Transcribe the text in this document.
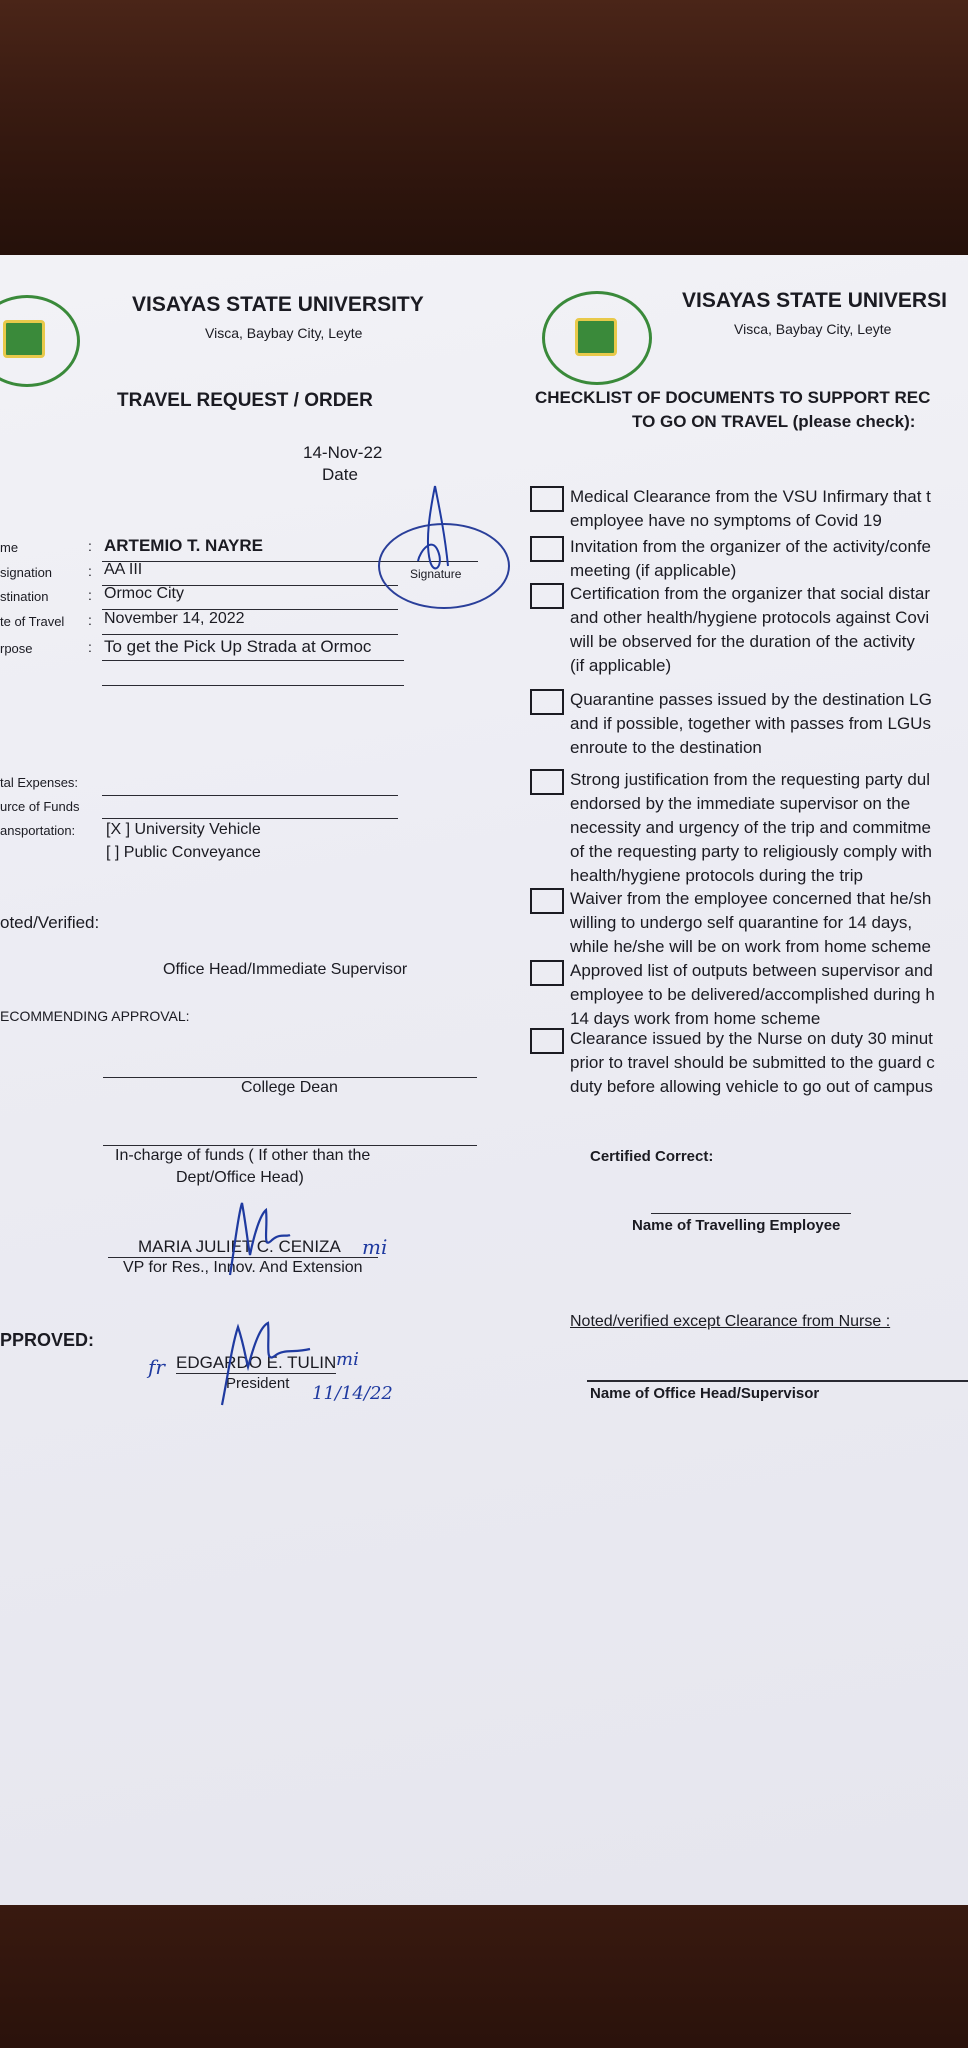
VISAYAS STATE UNIVERSITY
Visca, Baybay City, Leyte
TRAVEL REQUEST / ORDER
14-Nov-22
Date
me	: ARTEMIO T. NAYRE
signation	: AA III
stination	: Ormoc City
te of Travel : November 14, 2022
rpose	: To get the Pick Up Strada at Ormoc
Signature
tal Expenses:
urce of Funds
ansportation: [X ] University Vehicle
[ ] Public Conveyance
oted/Verified:
Office Head/Immediate Supervisor
ECOMMENDING APPROVAL:
College Dean
In-charge of funds ( If other than the
Dept/Office Head)
MARIA JULIET C. CENIZA
VP for Res., Innov. And Extension
mi
PPROVED:
EDGARDO E. TULIN
President
fr	mi
11/14/22
VISAYAS STATE UNIVERSI
Visca, Baybay City, Leyte
CHECKLIST OF DOCUMENTS TO SUPPORT REC
TO GO ON TRAVEL (please check):
Medical Clearance from the VSU Infirmary that t
employee have no symptoms of Covid 19
Invitation from the organizer of the activity/confe
meeting (if applicable)
Certification from the organizer that social distar
and other health/hygiene protocols against Covi
will be observed for the duration of the activity
(if applicable)
Quarantine passes issued by the destination LG
and if possible, together with passes from LGUs
enroute to the destination
Strong justification from the requesting party dul
endorsed by the immediate supervisor on the
necessity and urgency of the trip and commitme
of the requesting party to religiously comply with
health/hygiene protocols during the trip
Waiver from the employee concerned that he/sh
willing to undergo self quarantine for 14 days,
while he/she will be on work from home scheme
Approved list of outputs between supervisor and
employee to be delivered/accomplished during h
14 days work from home scheme
Clearance issued by the Nurse on duty 30 minut
prior to travel should be submitted to the guard c
duty before allowing vehicle to go out of campus
Certified Correct:
Name of Travelling Employee
Noted/verified except Clearance from Nurse :
Name of Office Head/Supervisor
